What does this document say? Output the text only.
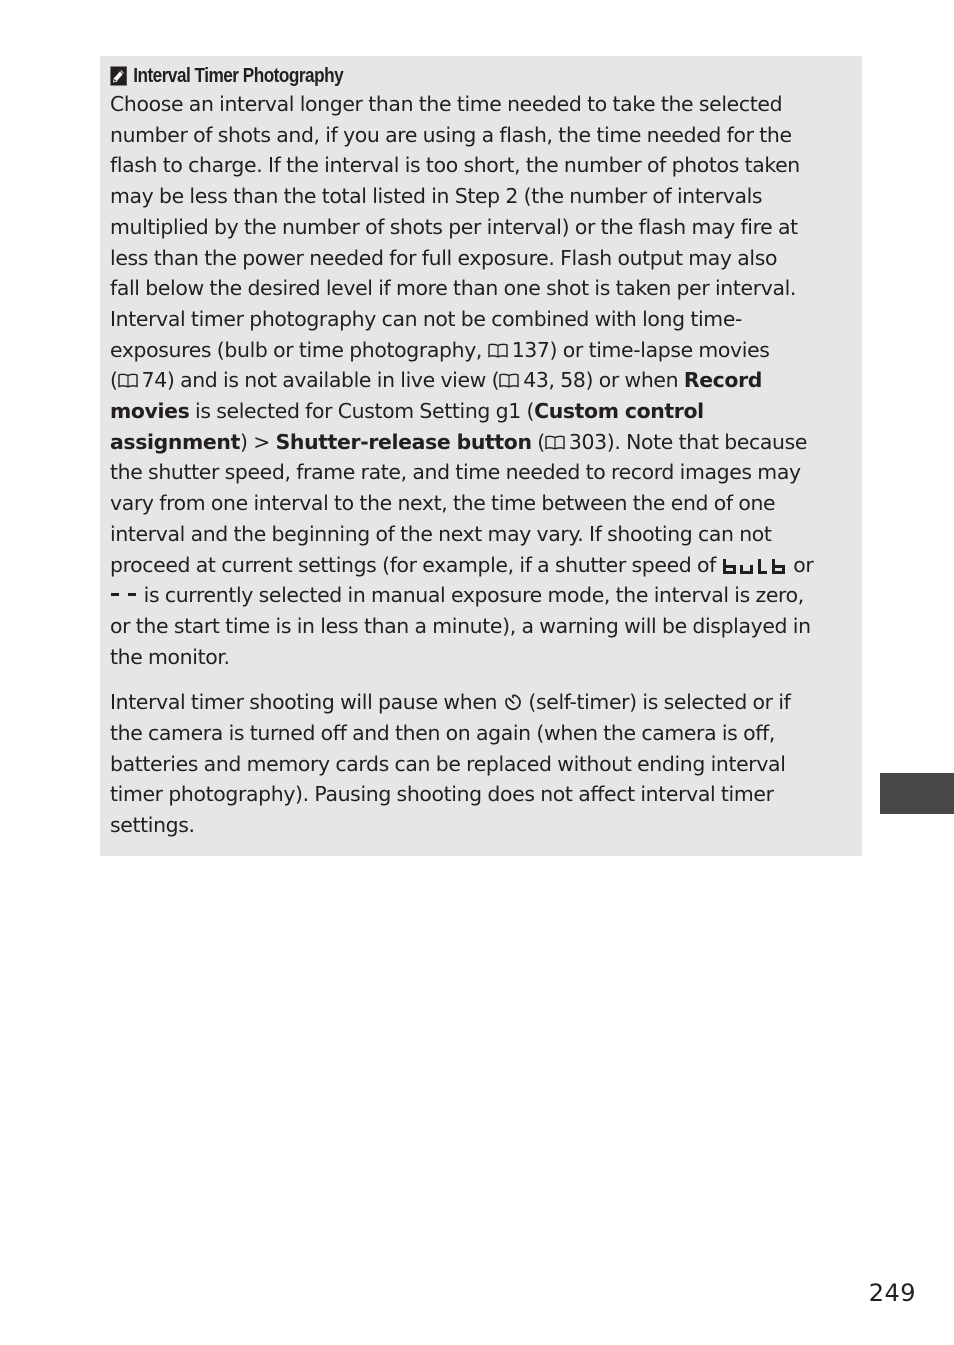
Interval Timer Photography

Choose an interval longer than the time needed to take the selected
number of shots and, if you are using a flash, the time needed for the
flash to charge. If the interval is too short, the number of photos taken
may be less than the total listed in Step 2 (the number of intervals
multiplied by the number of shots per interval) or the flash may fire at
less than the power needed for full exposure. Flash output may also
fall below the desired level if more than one shot is taken per interval.
Interval timer photography can not be combined with long time-
exposures (bulb or time photography, 137) or time-lapse movies
( 74) and is not available in live view ( 43, 58) or when Record
movies is selected for Custom Setting g1 (Custom control
assignment) > Shutter-release button ( 303). Note that because
the shutter speed, frame rate, and time needed to record images may
vary from one interval to the next, the time between the end of one
interval and the beginning of the next may vary. If shooting can not
proceed at current settings (for example, if a shutter speed of	or
is currently selected in manual exposure mode, the interval is zero,
or the start time is in less than a minute), a warning will be displayed in
the monitor.

Interval timer shooting will pause when  (self-timer) is selected or if
the camera is turned off and then on again (when the camera is off,
batteries and memory cards can be replaced without ending interval
timer photography). Pausing shooting does not affect interval timer
settings.

249
